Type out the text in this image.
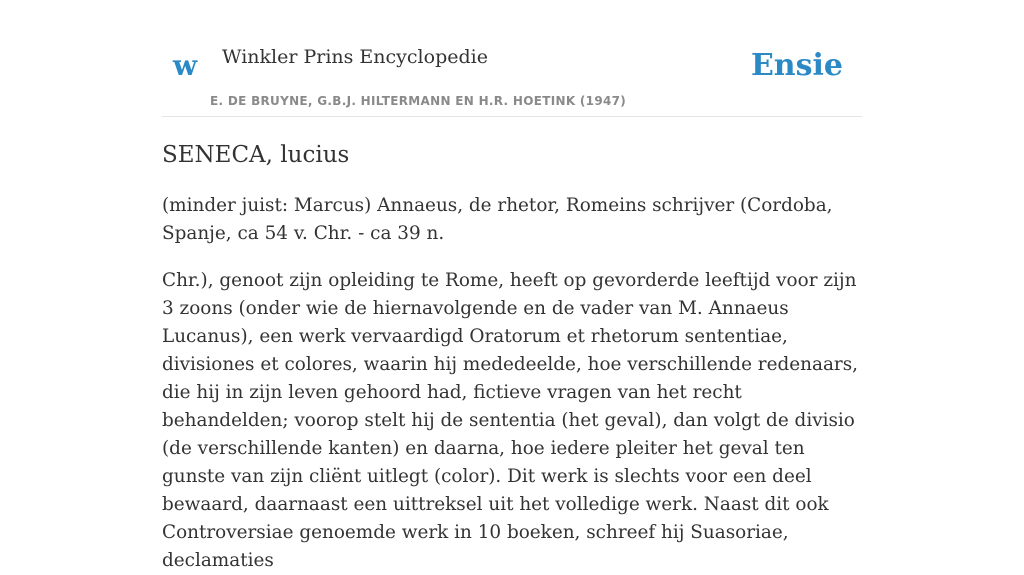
w Winkler Prins Encyclopedie
E. DE BRUYNE, G.B.J. HILTERMANN EN H.R. HOETINK (1947)
Ensie
SENECA, lucius

(minder juist: Marcus) Annaeus, de rhetor, Romeins schrijver (Cordoba, Spanje, ca 54 v. Chr. - ca 39 n.

Chr.), genoot zijn opleiding te Rome, heeft op gevorderde leeftijd voor zijn 3 zoons (onder wie de hiernavolgende en de vader van M. Annaeus Lucanus), een werk vervaardigd Oratorum et rhetorum sententiae, divisiones et colores, waarin hij mededeelde, hoe verschillende redenaars, die hij in zijn leven gehoord had, fictieve vragen van het recht behandelden; voorop stelt hij de sententia (het geval), dan volgt de divisio (de verschillende kanten) en daarna, hoe iedere pleiter het geval ten gunste van zijn cliënt uitlegt (color). Dit werk is slechts voor een deel bewaard, daarnaast een uittreksel uit het volledige werk. Naast dit ook Controversiae genoemde werk in 10 boeken, schreef hij Suasoriae, declamaties
